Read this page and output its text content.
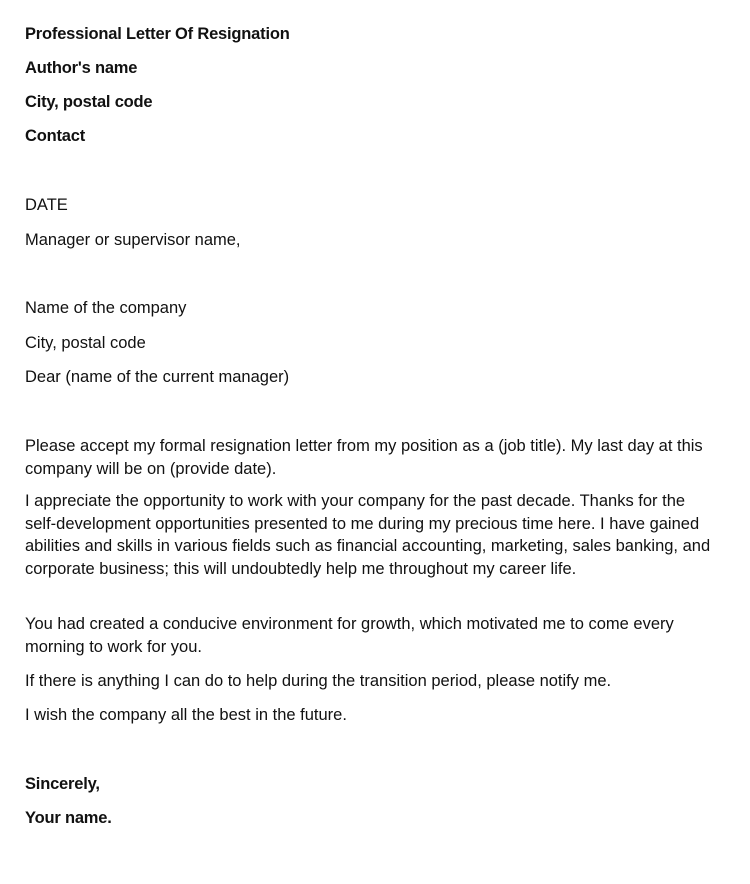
Professional Letter Of Resignation
Author's name
City, postal code
Contact
DATE
Manager or supervisor name,
Name of the company
City, postal code
Dear (name of the current manager)
Please accept my formal resignation letter from my position as a (job title). My last day at this company will be on (provide date).
I appreciate the opportunity to work with your company for the past decade. Thanks for the self-development opportunities presented to me during my precious time here. I have gained abilities and skills in various fields such as financial accounting, marketing, sales banking, and corporate business; this will undoubtedly help me throughout my career life.
You had created a conducive environment for growth, which motivated me to come every morning to work for you.
If there is anything I can do to help during the transition period, please notify me.
I wish the company all the best in the future.
Sincerely,
Your name.
